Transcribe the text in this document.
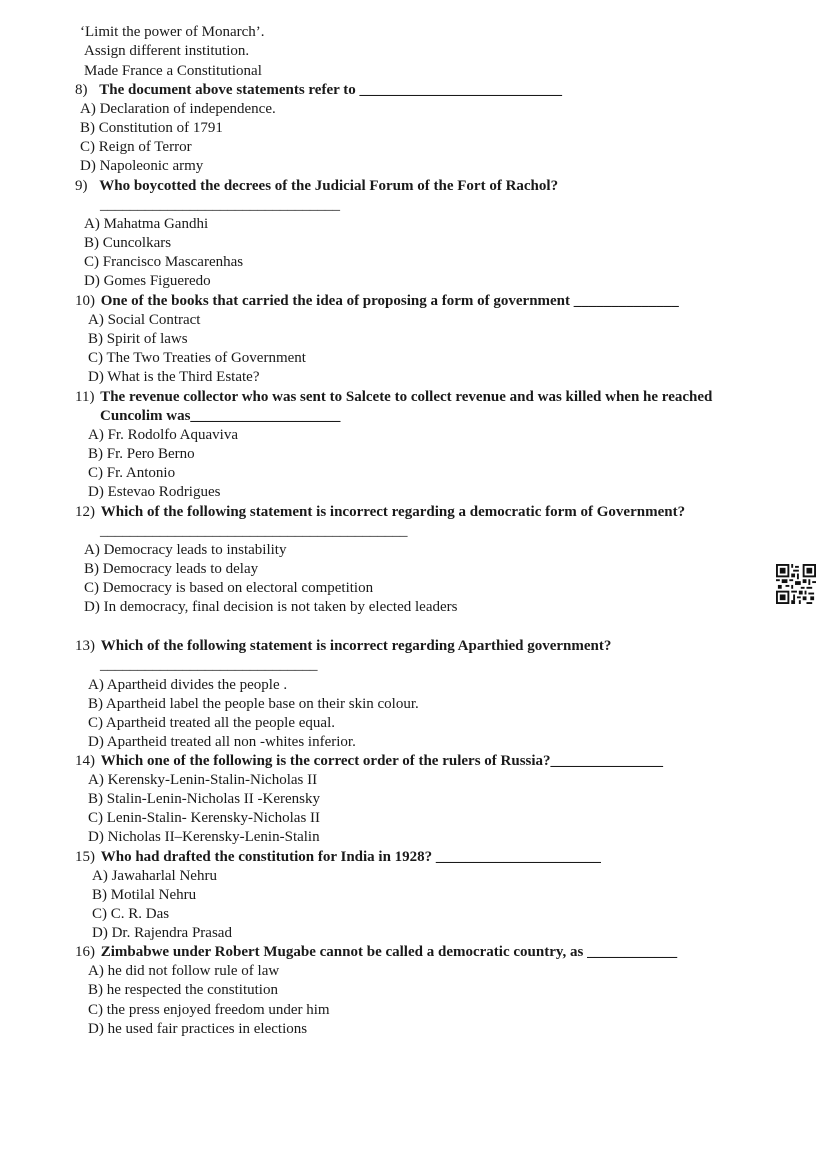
‘Limit the power of Monarch’.
Assign different institution.
Made France a Constitutional
8) The document above statements refer to ___________________________
A) Declaration of independence.
B) Constitution of 1791
C) Reign of Terror
D) Napoleonic army
9) Who boycotted the decrees of the Judicial Forum of the Fort of Rachol?
________________________________
A) Mahatma Gandhi
B) Cuncolkars
C) Francisco Mascarenhas
D) Gomes Figueredo
10) One of the books that carried the idea of proposing a form of government ______________
A) Social Contract
B) Spirit of laws
C) The Two Treaties of Government
D) What is the Third Estate?
11) The revenue collector who was sent to Salcete to collect revenue and was killed when he reached
Cuncolim was____________________
A) Fr. Rodolfo Aquaviva
B) Fr. Pero Berno
C) Fr. Antonio
D) Estevao Rodrigues
12) Which of the following statement is incorrect regarding a democratic form of Government?
_________________________________________
A) Democracy leads to instability
B) Democracy leads to delay
C) Democracy is based on electoral competition
D) In democracy, final decision is not taken by elected leaders
13) Which of the following statement is incorrect regarding Aparthied government?
_____________________________
A) Apartheid divides the people .
B) Apartheid label the people base on their skin colour.
C) Apartheid treated all the people equal.
D) Apartheid treated all non -whites inferior.
14) Which one of the following is the correct order of the rulers of Russia?_______________
A) Kerensky-Lenin-Stalin-Nicholas II
B) Stalin-Lenin-Nicholas II -Kerensky
C) Lenin-Stalin- Kerensky-Nicholas II
D) Nicholas II–Kerensky-Lenin-Stalin
15) Who had drafted the constitution for India in 1928? ______________________
A) Jawaharlal Nehru
B) Motilal Nehru
C) C. R. Das
D) Dr. Rajendra Prasad
16) Zimbabwe under Robert Mugabe cannot be called a democratic country, as ____________
A) he did not follow rule of law
B) he respected the constitution
C) the press enjoyed freedom under him
D) he used fair practices in elections
